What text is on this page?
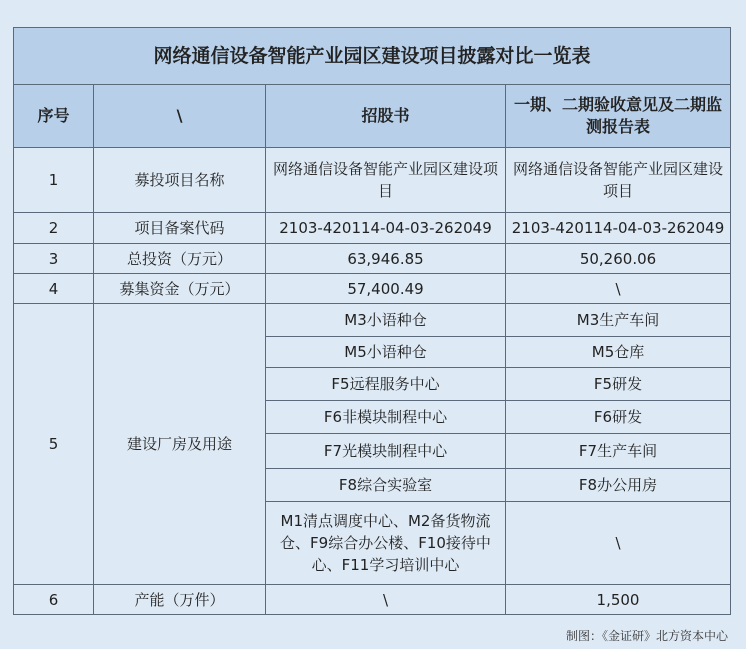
网络通信设备智能产业园区建设项目披露对比一览表			
序号	\	招股书	一期、二期验收意见及二期监测报告表
1	募投项目名称	网络通信设备智能产业园区建设项目	网络通信设备智能产业园区建设项目
2	项目备案代码	2103-420114-04-03-262049	2103-420114-04-03-262049
3	总投资（万元）	63,946.85	50,260.06
4	募集资金（万元）	57,400.49	\
5	建设厂房及用途	M3小语种仓	M3生产车间
		M5小语种仓	M5仓库
		F5远程服务中心	F5研发
		F6非模块制程中心	F6研发
		F7光模块制程中心	F7生产车间
		F8综合实验室	F8办公用房
		M1清点调度中心、M2备货物流仓、F9综合办公楼、F10接待中心、F11学习培训中心	\
6	产能（万件）	\	1,500
制图：《金证研》北方资本中心
